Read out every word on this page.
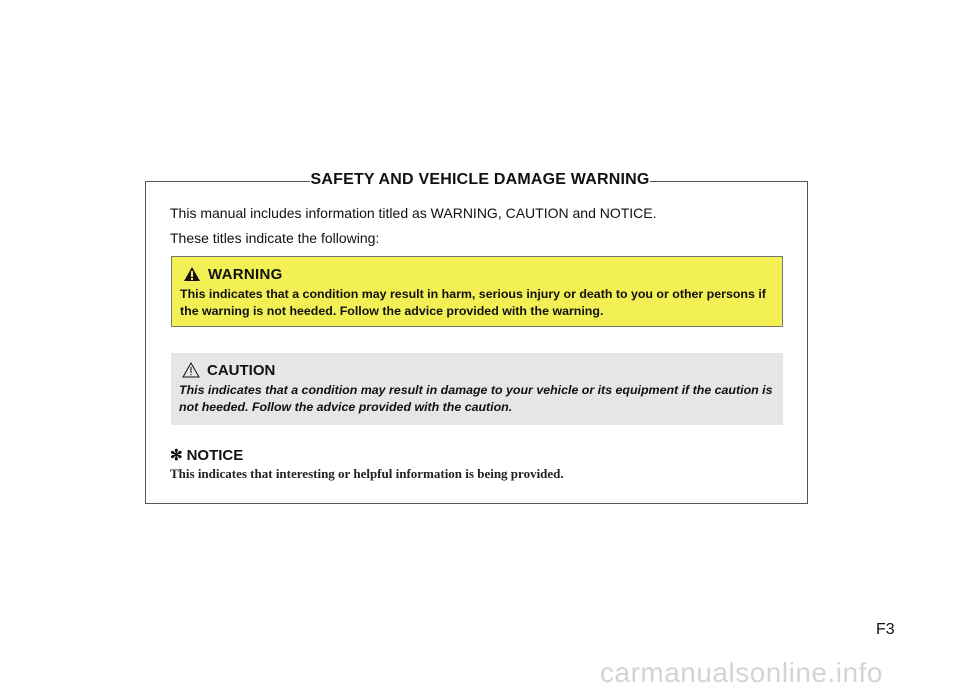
SAFETY AND VEHICLE DAMAGE WARNING

This manual includes information titled as WARNING, CAUTION and NOTICE.

These titles indicate the following:

WARNING
This indicates that a condition may result in harm, serious injury or death to you or other persons if the warning is not heeded. Follow the advice provided with the warning.
CAUTION
This indicates that a condition may result in damage to your vehicle or its equipment if the caution is not heeded. Follow the advice provided with the caution.
✻ NOTICE
This indicates that interesting or helpful information is being provided.
F3
carmanualsonline.info
